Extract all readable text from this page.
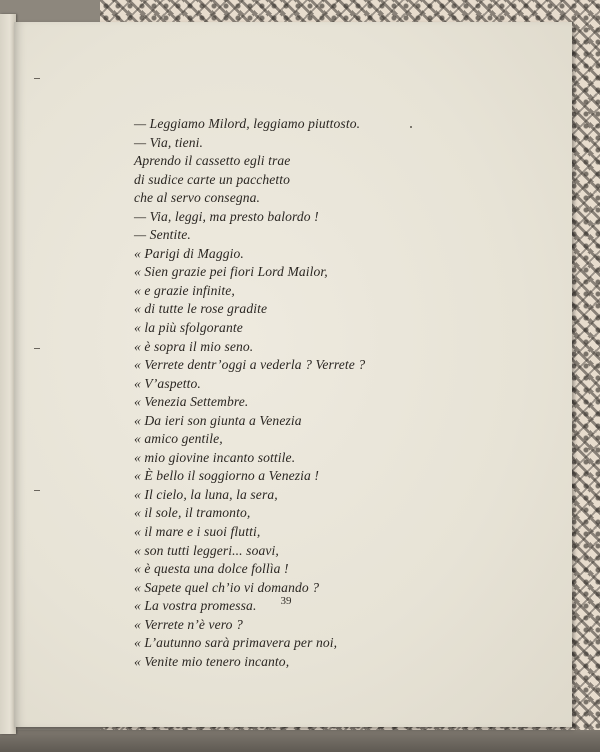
— Leggiamo Milord, leggiamo piuttosto.
— Via, tieni.
Aprendo il cassetto egli trae
di sudice carte un pacchetto
che al servo consegna.
— Via, leggi, ma presto balordo !
— Sentite.
« Parigi di Maggio.
« Sien grazie pei fiori Lord Mailor,
« e grazie infinite,
« di tutte le rose gradite
« la più sfolgorante
« è sopra il mio seno.
« Verrete dentr’oggi a vederla ? Verrete ?
« V’aspetto.
« Venezia Settembre.
« Da ieri son giunta a Venezia
« amico gentile,
« mio giovine incanto sottile.
« È bello il soggiorno a Venezia !
« Il cielo, la luna, la sera,
« il sole, il tramonto,
« il mare e i suoi flutti,
« son tutti leggeri... soavi,
« è questa una dolce follìa !
« Sapete quel ch’io vi domando ?
« La vostra promessa.
« Verrete n’è vero ?
« L’autunno sarà primavera per noi,
« Venite mio tenero incanto,
39
